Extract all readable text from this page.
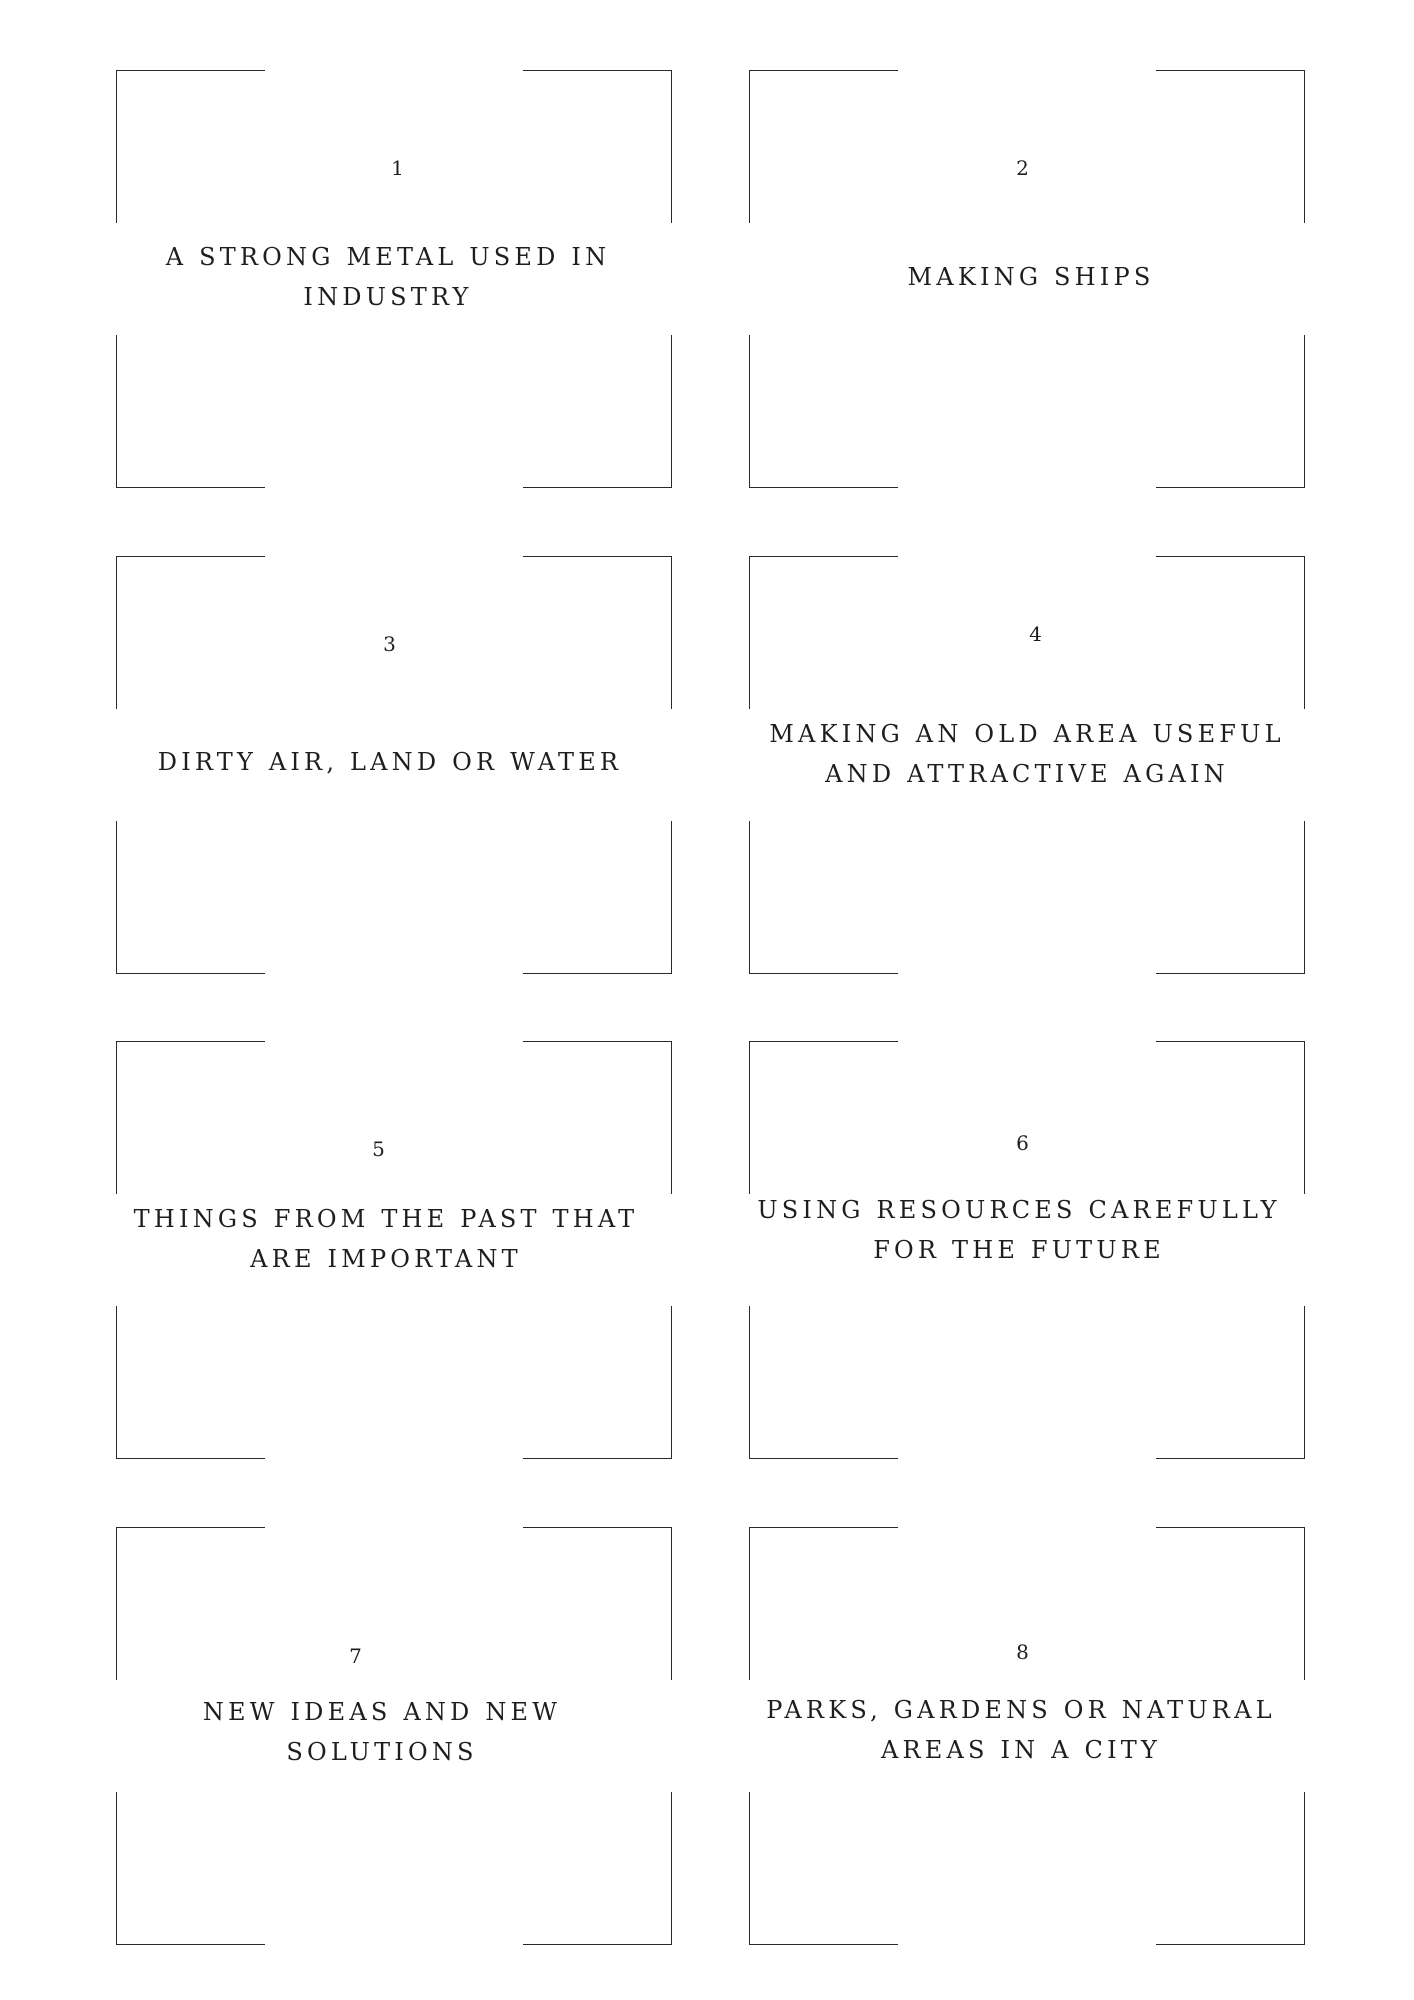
1
A STRONG METAL USED IN
INDUSTRY
2
MAKING SHIPS
3
DIRTY AIR, LAND OR WATER
4
MAKING AN OLD AREA USEFUL
AND ATTRACTIVE AGAIN
5
THINGS FROM THE PAST THAT
ARE IMPORTANT
6
USING RESOURCES CAREFULLY
FOR THE FUTURE
7
NEW IDEAS AND NEW
SOLUTIONS
8
PARKS, GARDENS OR NATURAL
AREAS IN A CITY
